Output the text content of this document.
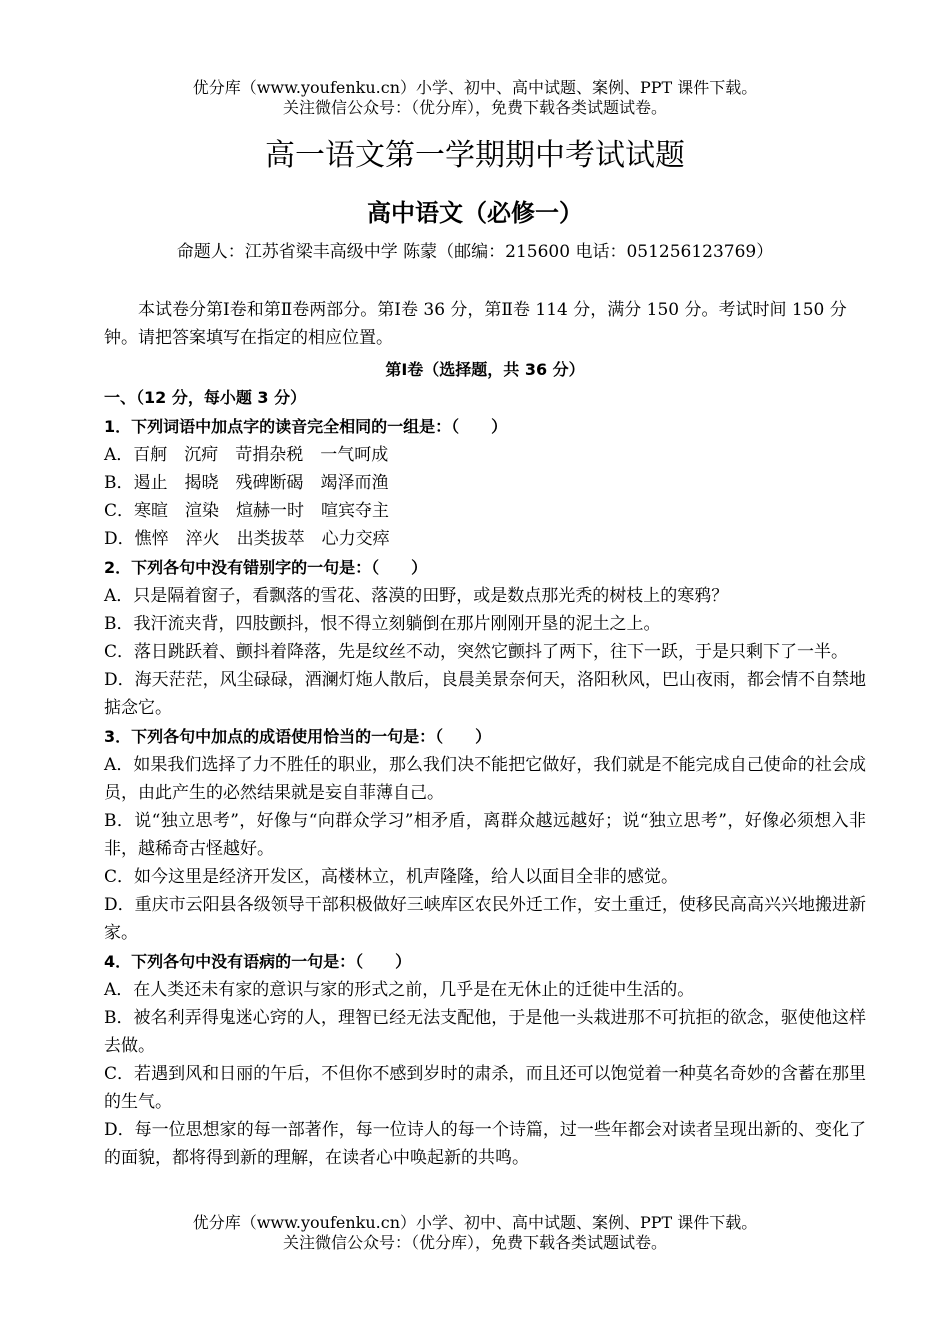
优分库（www.youfenku.cn）小学、初中、高中试题、案例、PPT 课件下载。
关注微信公众号：（优分库），免费下载各类试题试卷。
高一语文第一学期期中考试试题
高中语文（必修一）
命题人：江苏省梁丰高级中学 陈蒙（邮编：215600 电话：051256123769）

本试卷分第Ⅰ卷和第Ⅱ卷两部分。第Ⅰ卷 36 分，第Ⅱ卷 114 分，满分 150 分。考试时间 150 分钟。请把答案填写在指定的相应位置。

第Ⅰ卷（选择题，共 36 分）
一、（12 分，每小题 3 分）
1．下列词语中加点字的读音完全相同的一组是：（　　）
A．百舸　沉疴　苛捐杂税　一气呵成
B．遏止　揭晓　残碑断碣　竭泽而渔
C．寒暄　渲染　煊赫一时　喧宾夺主
D．憔悴　淬火　出类拔萃　心力交瘁
2．下列各句中没有错别字的一句是：（　　）

A．只是隔着窗子，看飘落的雪花、落漠的田野，或是数点那光秃的树枝上的寒鸦？

B．我汗流夹背，四肢颤抖，恨不得立刻躺倒在那片刚刚开垦的泥土之上。

C．落日跳跃着、颤抖着降落，先是纹丝不动，突然它颤抖了两下，往下一跃，于是只剩下了一半。

D．海天茫茫，风尘碌碌，酒澜灯炧人散后，良晨美景奈何天，洛阳秋风，巴山夜雨，都会情不自禁地掂念它。

3．下列各句中加点的成语使用恰当的一句是：（　　）

A．如果我们选择了力不胜任的职业，那么我们决不能把它做好，我们就是不能完成自己使命的社会成员，由此产生的必然结果就是妄自菲薄自己。

B．说“独立思考”，好像与“向群众学习”相矛盾，离群众越远越好；说“独立思考”，好像必须想入非非，越稀奇古怪越好。

C．如今这里是经济开发区，高楼林立，机声隆隆，给人以面目全非的感觉。

D．重庆市云阳县各级领导干部积极做好三峡库区农民外迁工作，安土重迁，使移民高高兴兴地搬进新家。

4．下列各句中没有语病的一句是：（　　）

A．在人类还未有家的意识与家的形式之前，几乎是在无休止的迁徙中生活的。

B．被名利弄得鬼迷心窍的人，理智已经无法支配他，于是他一头栽进那不可抗拒的欲念，驱使他这样去做。

C．若遇到风和日丽的午后，不但你不感到岁时的肃杀，而且还可以饱觉着一种莫名奇妙的含蓄在那里的生气。

D．每一位思想家的每一部著作，每一位诗人的每一个诗篇，过一些年都会对读者呈现出新的、变化了的面貌，都将得到新的理解，在读者心中唤起新的共鸣。

优分库（www.youfenku.cn）小学、初中、高中试题、案例、PPT 课件下载。
关注微信公众号：（优分库），免费下载各类试题试卷。
